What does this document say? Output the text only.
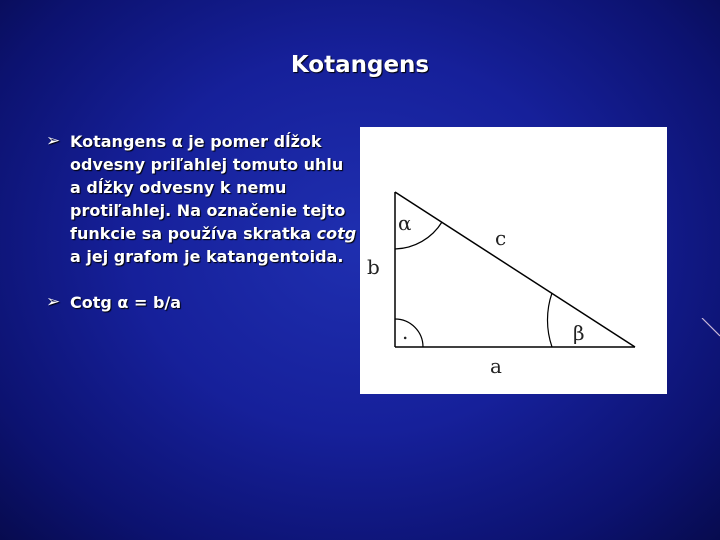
Kotangens
➢ Kotangens α je pomer dĺžok odvesny priľahlej tomuto uhlu a dĺžky odvesny k nemu protiľahlej. Na označenie tejto funkcie sa používa skratka cotg a jej grafom je katangentoida.
➢ Cotg α = b/a
α
c
b
.	β
a
